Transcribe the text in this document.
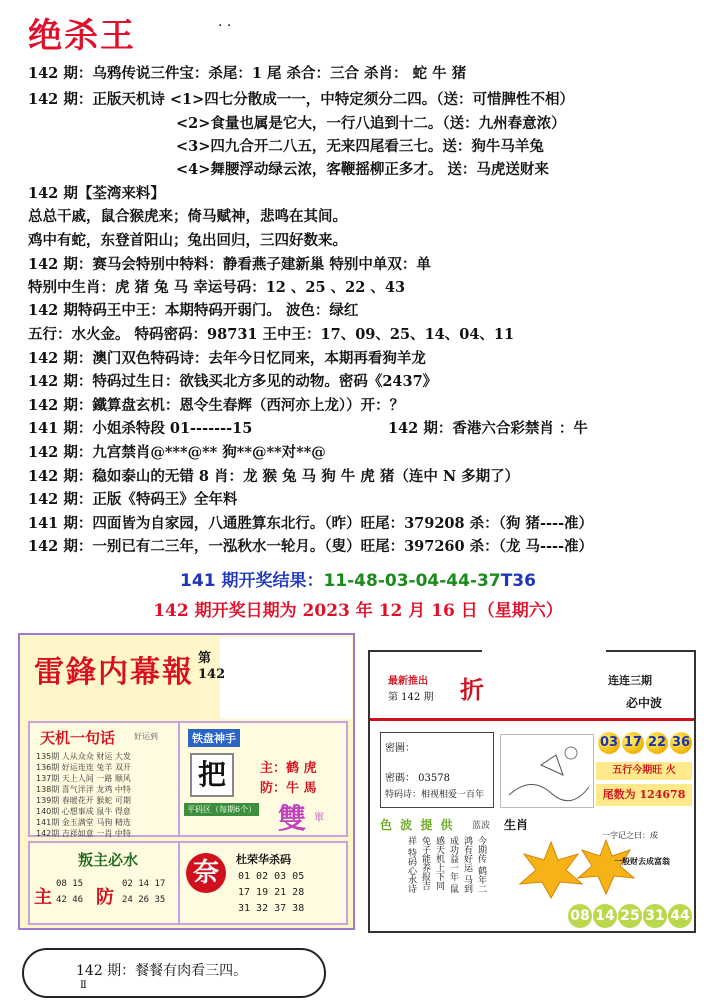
绝杀王	· ·
142 期：乌鸦传说三件宝：杀尾：1 尾 杀合：三合 杀肖： 蛇 牛 猪
142 期：正版天机诗 <1>四七分散成一一，中特定须分二四。（送：可惜脾性不相）
<2>食量也属是它大，一行八追到十二。（送：九州春意浓）
<3>四九合开二八五，无来四尾看三七。送：狗牛马羊兔
<4>舞腰浮动绿云浓，客鞭摇柳正多才。 送：马虎送财来
142 期【荃湾来料】
总总干戚，鼠合猴虎来；倚马赋神，悲鸣在其间。
鸡中有蛇，东登首阳山；兔出回归，三四好数来。
142 期：赛马会特别中特料：静看燕子建新巢 特别中单双：单
特别中生肖：虎 猪 兔 马 幸运号码：12 、25 、22 、43
142 期特码王中王：本期特码开弱门。 波色：绿红
五行：水火金。 特码密码：98731 王中王：17、09、25、14、04、11
142 期：澳门双色特码诗：去年今日忆同来，本期再看狗羊龙
142 期：特码过生日：欲钱买北方多见的动物。密码《2437》
142 期：鐵算盘玄机：恩令生春辉（西河亦上龙））开：？
141 期：小姐杀特段 01-------15	142 期：香港六合彩禁肖 ：牛
142 期：九宫禁肖@***@** 狗**@**对**@
142 期：稳如泰山的无错 8 肖：龙 猴 兔 马 狗 牛 虎 猪（连中 N 多期了）
142 期：正版《特码王》全年料
141 期：四面皆为自家园，八通胜算东北行。（昨）旺尾：379208 杀：（狗 猪----准）
142 期：一别已有二三年，一泓秋水一轮月。（叟）旺尾：397260 杀：（龙 马----准）
141 期开奖结果：11-48-03-04-44-37T36
142 期开奖日期为 2023 年 12 月 16 日（星期六）
雷鋒内幕報 第
142
天机一句话 好运到
135期 人从众众 财运 大发
136期 好运连连 兔羊 双开
137期 天上人间 一路 顺风
138期 喜气洋洋 龙鸡 中特
139期 春暖花开 猴蛇 可期
140期 心想事成 鼠牛 得意
141期 金玉满堂 马狗 精选
142期 吉祥如意 一肖 中特
铁盘神手
把	主：鹤 虎
防：牛 馬
平码区（每期6个） 雙 單
叛主必水
主
08 15
42 46 防
02 14 17
24 26 35
奈	杜荣华杀码
01 02 03 05
17 19 21 28
31 32 37 38
最新推出
第 142 期 折	连连三期
必中波
密圖：
密碼： 03578
特码诗：相视相爱一百年
03 17 22 36
五行今期旺 火
尾数为 124678
色 波 提 供 蓝波 生肖
今期传 鹤年二鸿有好运 马到成功益一年 鼠感天机上下同 免子能养报吉祥 特码心水诗
一字记之曰：成
一般财去成富翁
08 14 25 31 44
142 期：餐餐有肉看三四。
Ⅱ
